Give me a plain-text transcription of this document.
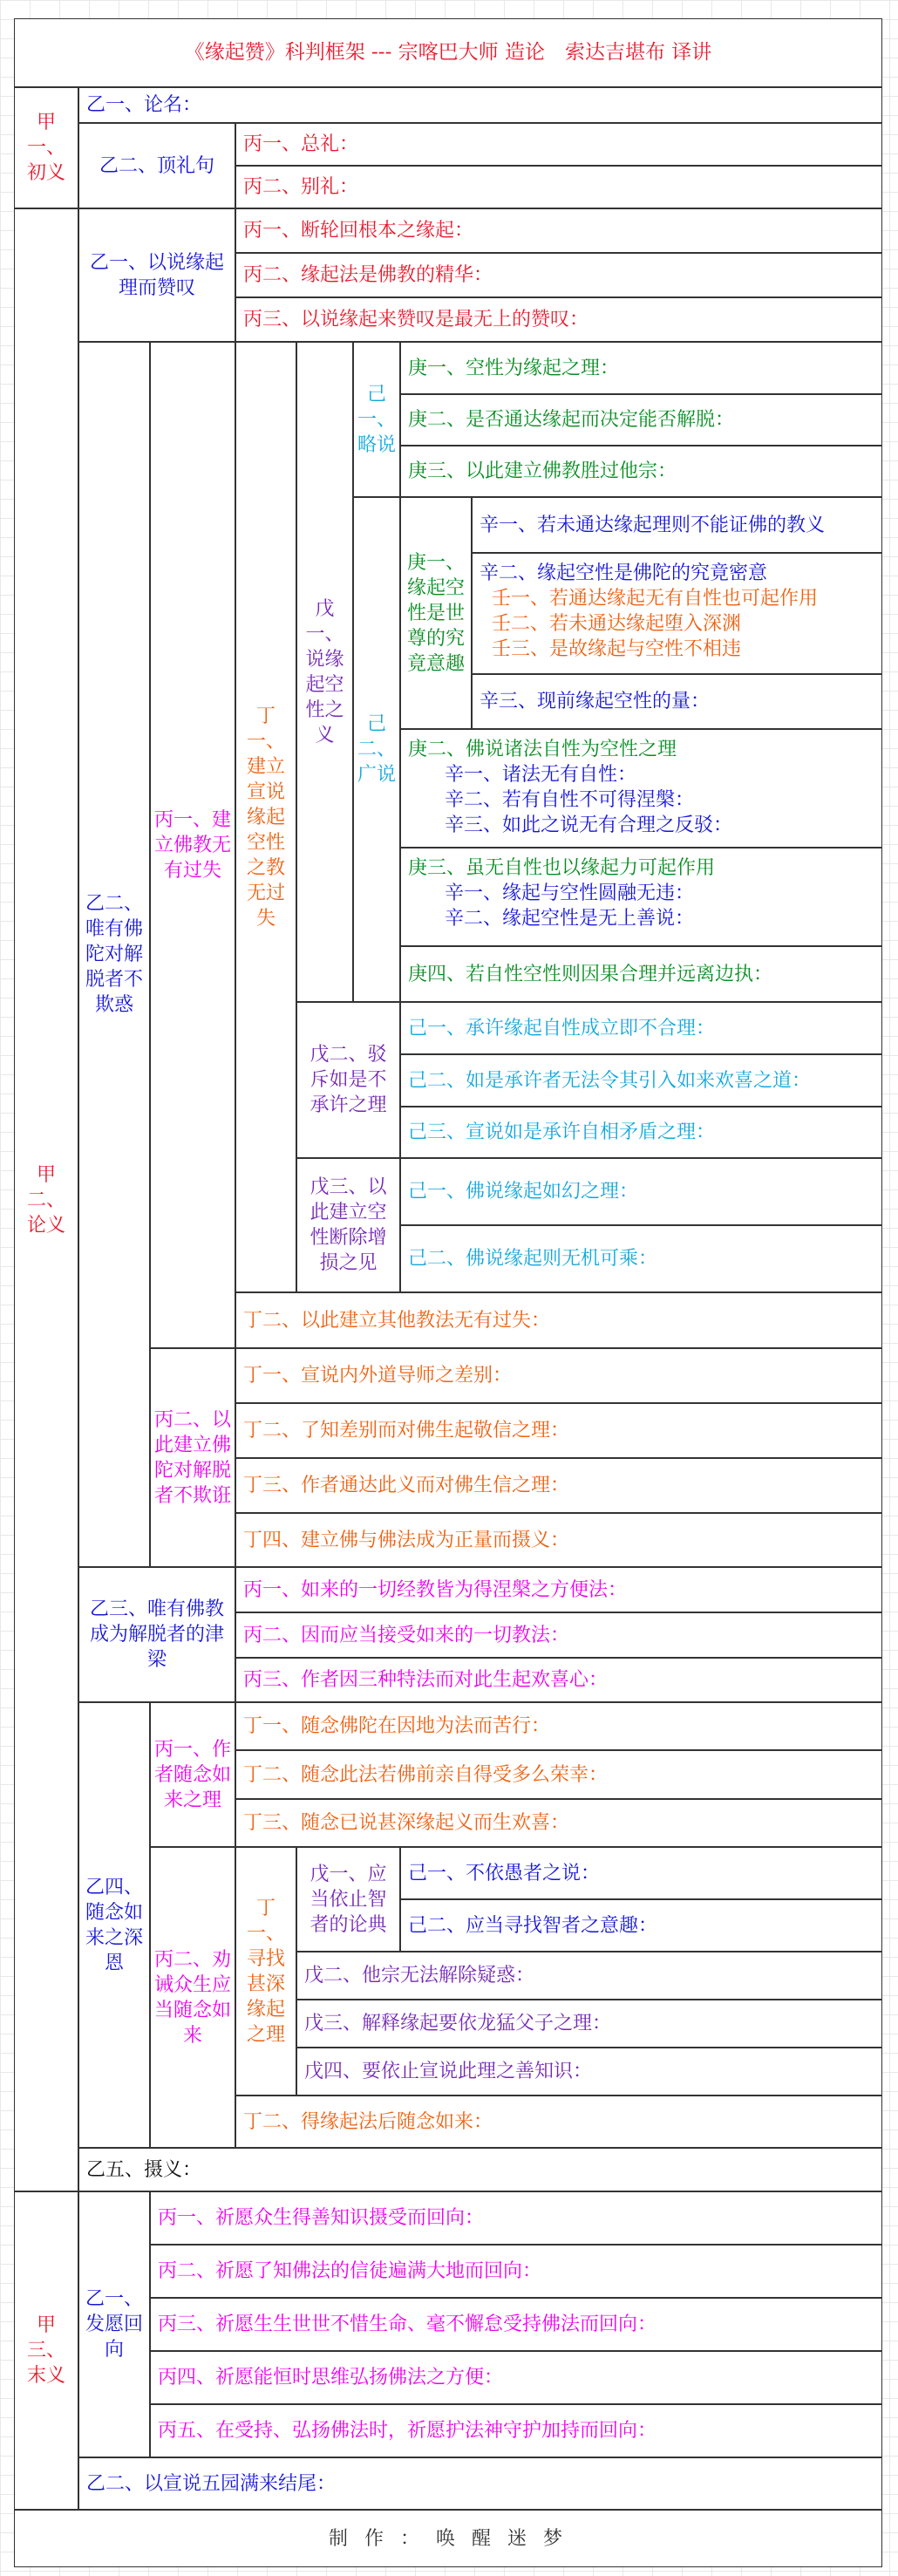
《缘起赞》科判框架 --- 宗喀巴大师 造论　索达吉堪布 译讲
制 作 ： 唤 醒 迷 梦
甲一、初义
乙一、论名：
乙二、顶礼句
丙一、总礼：
丙二、别礼：
甲二、论义
乙一、以说缘起理而赞叹
丙一、断轮回根本之缘起：
丙二、缘起法是佛教的精华：
丙三、以说缘起来赞叹是最无上的赞叹：
乙二、唯有佛陀对解脱者不欺惑
丙一、建立佛教无有过失
丁一、建立宣说缘起空性之教无过失
戊一、说缘起空性之义
己一、略说
庚一、空性为缘起之理：
庚二、是否通达缘起而决定能否解脱：
庚三、以此建立佛教胜过他宗：
己二、广说
庚一、缘起空性是世尊的究竟意趣
辛一、若未通达缘起理则不能证佛的教义
辛二、缘起空性是佛陀的究竟密意
壬一、若通达缘起无有自性也可起作用
壬二、若未通达缘起堕入深渊
壬三、是故缘起与空性不相违
辛三、现前缘起空性的量：
庚二、佛说诸法自性为空性之理
辛一、诸法无有自性：
辛二、若有自性不可得涅槃：
辛三、如此之说无有合理之反驳：
庚三、虽无自性也以缘起力可起作用
辛一、缘起与空性圆融无违：
辛二、缘起空性是无上善说：
庚四、若自性空性则因果合理并远离边执：
戊二、驳斥如是不承许之理
己一、承许缘起自性成立即不合理：
己二、如是承许者无法令其引入如来欢喜之道：
己三、宣说如是承许自相矛盾之理：
戊三、以此建立空性断除增损之见
己一、佛说缘起如幻之理：
己二、佛说缘起则无机可乘：
丁二、以此建立其他教法无有过失：
丙二、以此建立佛陀对解脱者不欺诳
丁一、宣说内外道导师之差别：
丁二、了知差别而对佛生起敬信之理：
丁三、作者通达此义而对佛生信之理：
丁四、建立佛与佛法成为正量而摄义：
乙三、唯有佛教成为解脱者的津梁
丙一、如来的一切经教皆为得涅槃之方便法：
丙二、因而应当接受如来的一切教法：
丙三、作者因三种特法而对此生起欢喜心：
乙四、随念如来之深恩
丙一、作者随念如来之理
丁一、随念佛陀在因地为法而苦行：
丁二、随念此法若佛前亲自得受多么荣幸：
丁三、随念已说甚深缘起义而生欢喜：
丙二、劝诫众生应当随念如来
丁一、寻找甚深缘起之理
戊一、应当依止智者的论典
己一、不依愚者之说：
己二、应当寻找智者之意趣：
戊二、他宗无法解除疑惑：
戊三、解释缘起要依龙猛父子之理：
戊四、要依止宣说此理之善知识：
丁二、得缘起法后随念如来：
乙五、摄义：
甲三、末义
乙一、发愿回向
丙一、祈愿众生得善知识摄受而回向：
丙二、祈愿了知佛法的信徒遍满大地而回向：
丙三、祈愿生生世世不惜生命、毫不懈怠受持佛法而回向：
丙四、祈愿能恒时思维弘扬佛法之方便：
丙五、在受持、弘扬佛法时，祈愿护法神守护加持而回向：
乙二、以宣说五园满来结尾：
